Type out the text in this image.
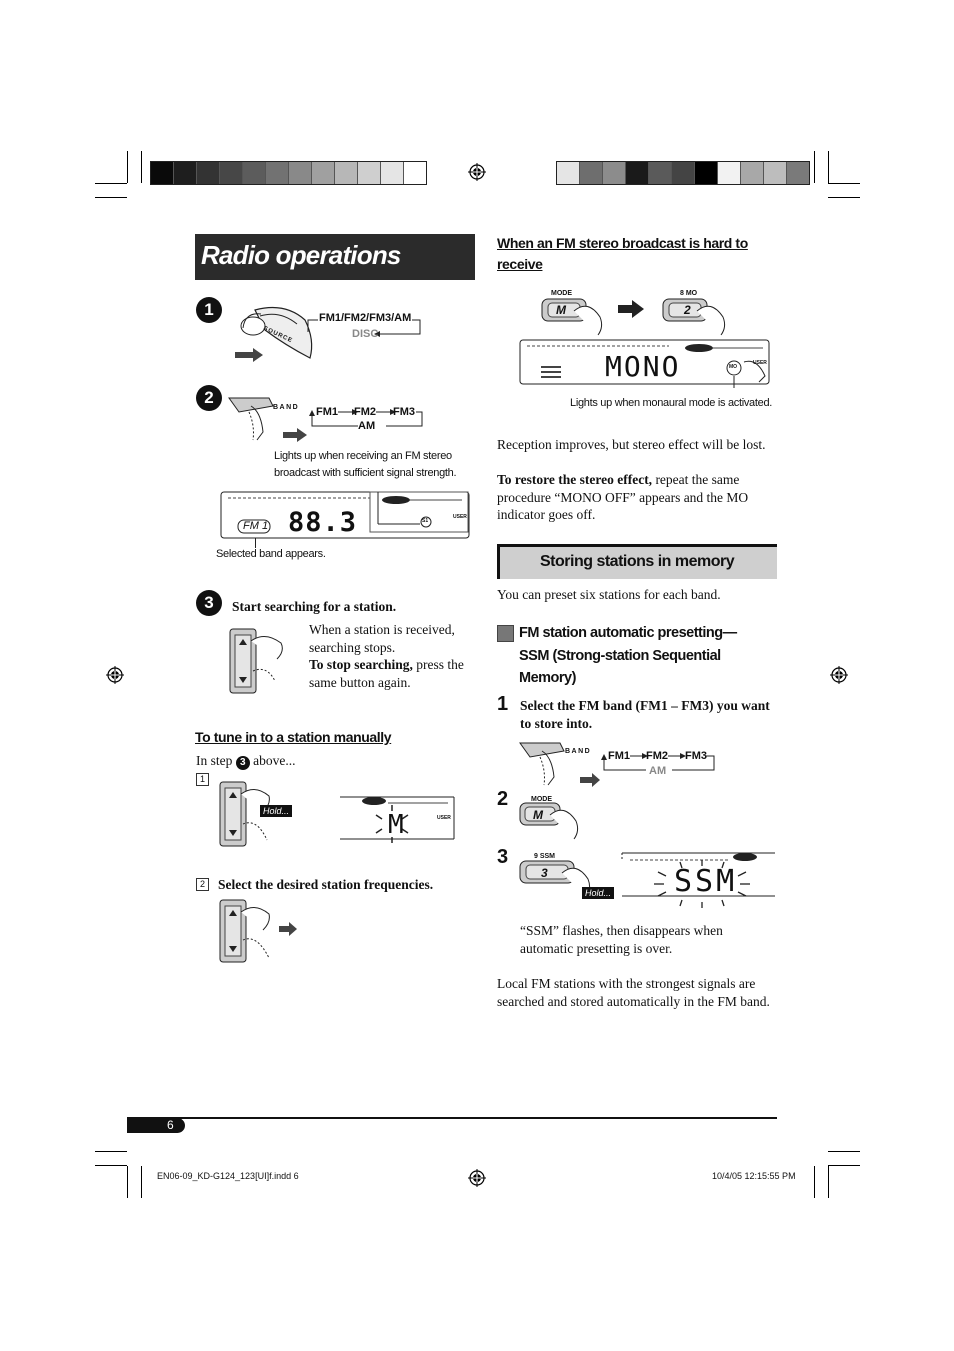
Radio operations
1
SOURCE
FM1/FM2/FM3/AM
DISC
2
BAND FM1 FM2 FM3
AM
Lights up when receiving an FM stereo broadcast with sufficient signal strength.
FM 1 88.3	USER
S1
Selected band appears.
3	Start searching for a station.
When a station is received, searching stops.
To stop searching, press the same button again.
To tune in to a station manually
In step 3 above...
1
Hold...	M	USER
2 Select the desired station frequencies.
When an FM stereo broadcast is hard to receive
MODE
M
8 MO
2
MONO	USER
MO
Lights up when monaural mode is activated.
Reception improves, but stereo effect will be lost.
To restore the stereo effect, repeat the same procedure “MONO OFF” appears and the MO indicator goes off.
Storing stations in memory
You can preset six stations for each band.
FM station automatic presetting—SSM (Strong-station Sequential Memory)
1 Select the FM band (FM1 – FM3) you want to store into.
BAND FM1 FM2 FM3
AM
2	MODE
M
3	9 SSM
3
Hold... SSM
“SSM” flashes, then disappears when automatic presetting is over.
Local FM stations with the strongest signals are searched and stored automatically in the FM band.
6
EN06-09_KD-G124_123[UI]f.indd 6	10/4/05 12:15:55 PM
